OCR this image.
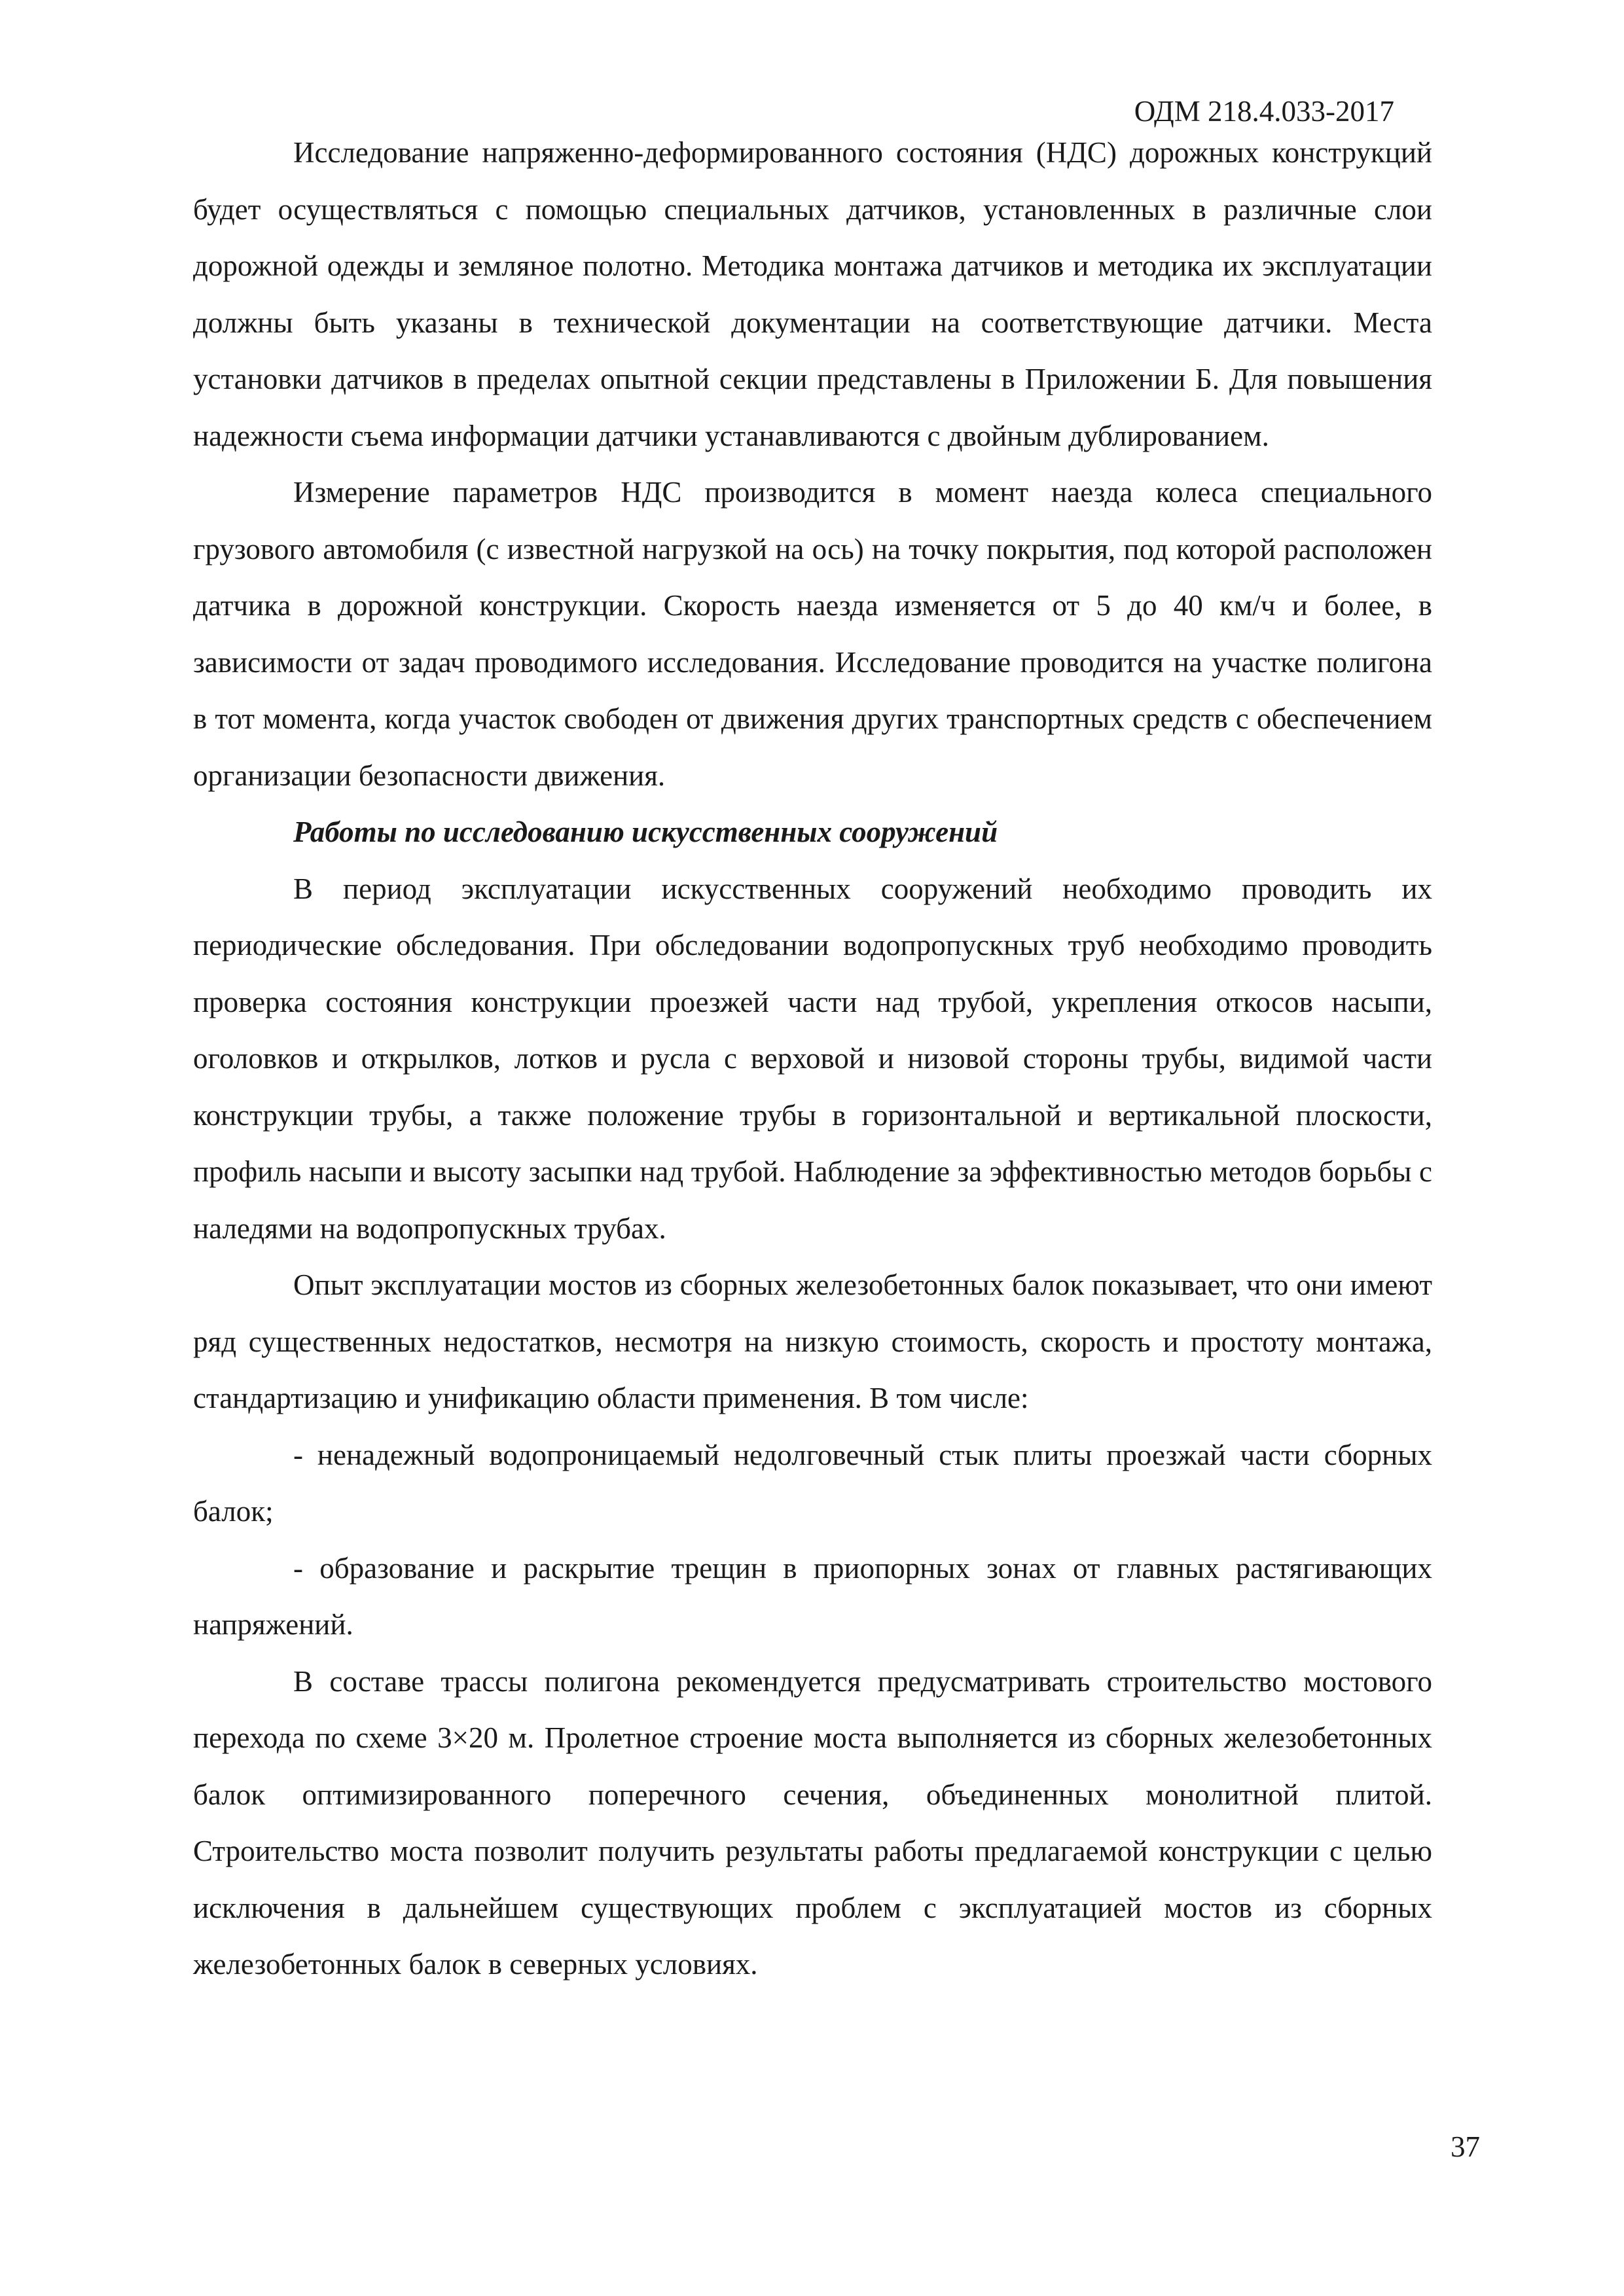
ОДМ 218.4.033-2017

Исследование напряженно-деформированного состояния (НДС) дорожных конструкций будет осуществляться с помощью специальных датчиков, установленных в различные слои дорожной одежды и земляное полотно. Методика монтажа датчиков и методика их эксплуатации должны быть указаны в технической документации на соответствующие датчики. Места установки датчиков в пределах опытной секции представлены в Приложении Б. Для повышения надежности съема информации датчики устанавливаются с двойным дублированием.

Измерение параметров НДС производится в момент наезда колеса специального грузового автомобиля (с известной нагрузкой на ось) на точку покрытия, под которой расположен датчика в дорожной конструкции. Скорость наезда изменяется от 5 до 40 км/ч и более, в зависимости от задач проводимого исследования. Исследование проводится на участке полигона в тот момента, когда участок свободен от движения других транспортных средств с обеспечением организации безопасности движения.

Работы по исследованию искусственных сооружений

В период эксплуатации искусственных сооружений необходимо проводить их периодические обследования. При обследовании водопропускных труб необходимо проводить проверка состояния конструкции проезжей части над трубой, укрепления откосов насыпи, оголовков и открылков, лотков и русла с верховой и низовой стороны трубы, видимой части конструкции трубы, а также положение трубы в горизонтальной и вертикальной плоскости, профиль насыпи и высоту засыпки над трубой. Наблюдение за эффективностью методов борьбы с наледями на водопропускных трубах.

Опыт эксплуатации мостов из сборных железобетонных балок показывает, что они имеют ряд существенных недостатков, несмотря на низкую стоимость, скорость и простоту монтажа, стандартизацию и унификацию области применения. В том числе:

- ненадежный водопроницаемый недолговечный стык плиты проезжай части сборных балок;

- образование и раскрытие трещин в приопорных зонах от главных растягивающих напряжений.

В составе трассы полигона рекомендуется предусматривать строительство мостового перехода по схеме 3×20 м. Пролетное строение моста выполняется из сборных железобетонных балок оптимизированного поперечного сечения, объединенных монолитной плитой. Строительство моста позволит получить результаты работы предлагаемой конструкции с целью исключения в дальнейшем существующих проблем с эксплуатацией мостов из сборных железобетонных балок в северных условиях.

37
